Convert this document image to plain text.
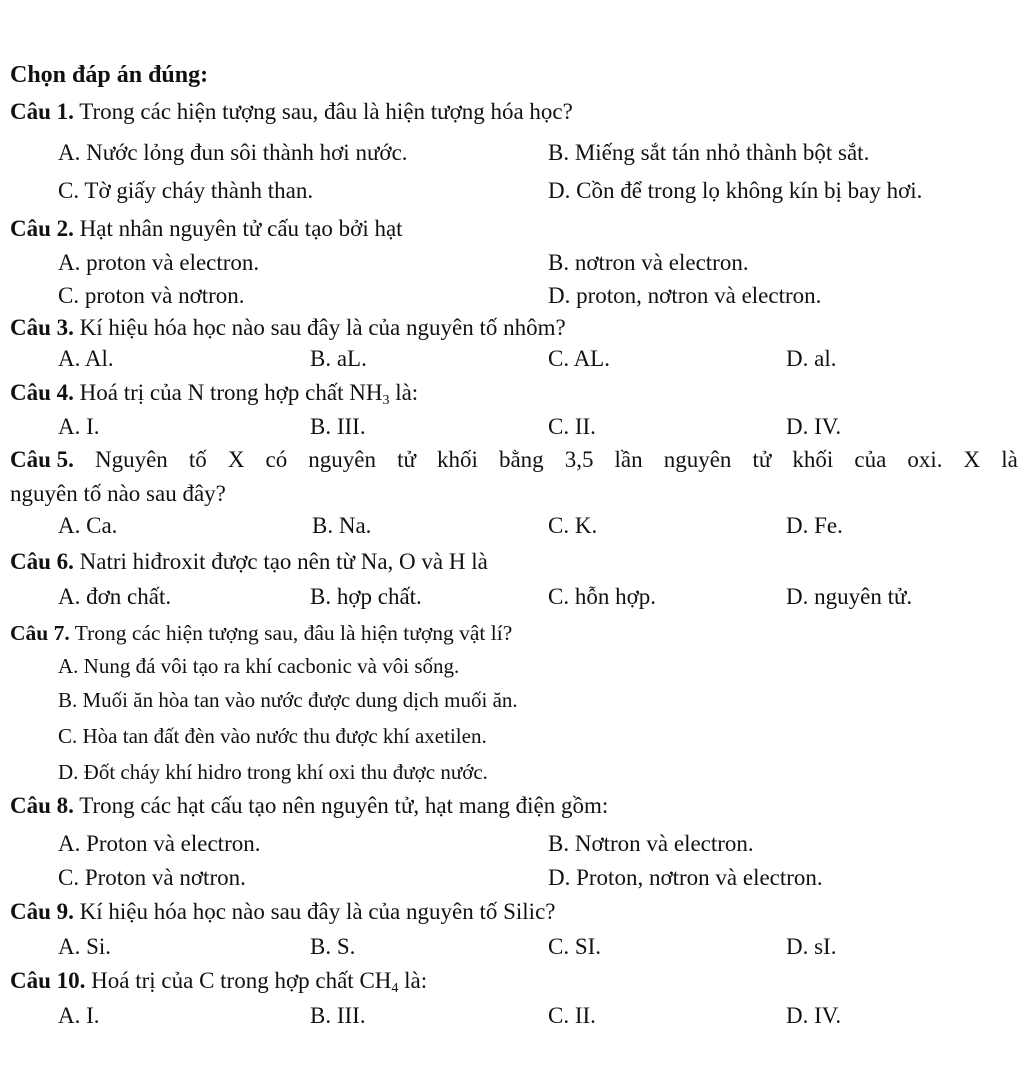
Chọn đáp án đúng:
Câu 1. Trong các hiện tượng sau, đâu là hiện tượng hóa học?
A. Nước lỏng đun sôi thành hơi nước.	B. Miếng sắt tán nhỏ thành bột sắt.
C. Tờ giấy cháy thành than.	D. Cồn để trong lọ không kín bị bay hơi.
Câu 2. Hạt nhân nguyên tử cấu tạo bởi hạt
A. proton và electron.	B. nơtron và electron.
C. proton và nơtron.	D. proton, nơtron và electron.
Câu 3. Kí hiệu hóa học nào sau đây là của nguyên tố nhôm?
A. Al.	B. aL.	C. AL.	D. al.
Câu 4. Hoá trị của N trong hợp chất $NH_3$ là:
A. I.	B. III.	C. II.	D. IV.
Câu 5. Nguyên tố X có nguyên tử khối bằng 3,5 lần nguyên tử khối của oxi. X là
nguyên tố nào sau đây?
A. Ca.	B. Na.	C. K.	D. Fe.
Câu 6. Natri hiđroxit được tạo nên từ Na, O và H là
A. đơn chất.	B. hợp chất.	C. hỗn hợp.	D. nguyên tử.
Câu 7. Trong các hiện tượng sau, đâu là hiện tượng vật lí?
A. Nung đá vôi tạo ra khí cacbonic và vôi sống.
B. Muối ăn hòa tan vào nước được dung dịch muối ăn.
C. Hòa tan đất đèn vào nước thu được khí axetilen.
D. Đốt cháy khí hidro trong khí oxi thu được nước.
Câu 8. Trong các hạt cấu tạo nên nguyên tử, hạt mang điện gồm:
A. Proton và electron.	B. Nơtron và electron.
C. Proton và nơtron.	D. Proton, nơtron và electron.
Câu 9. Kí hiệu hóa học nào sau đây là của nguyên tố Silic?
A. Si.	B. S.	C. SI.	D. sI.
Câu 10. Hoá trị của C trong hợp chất $CH_4$ là:
A. I.	B. III.	C. II.	D. IV.
